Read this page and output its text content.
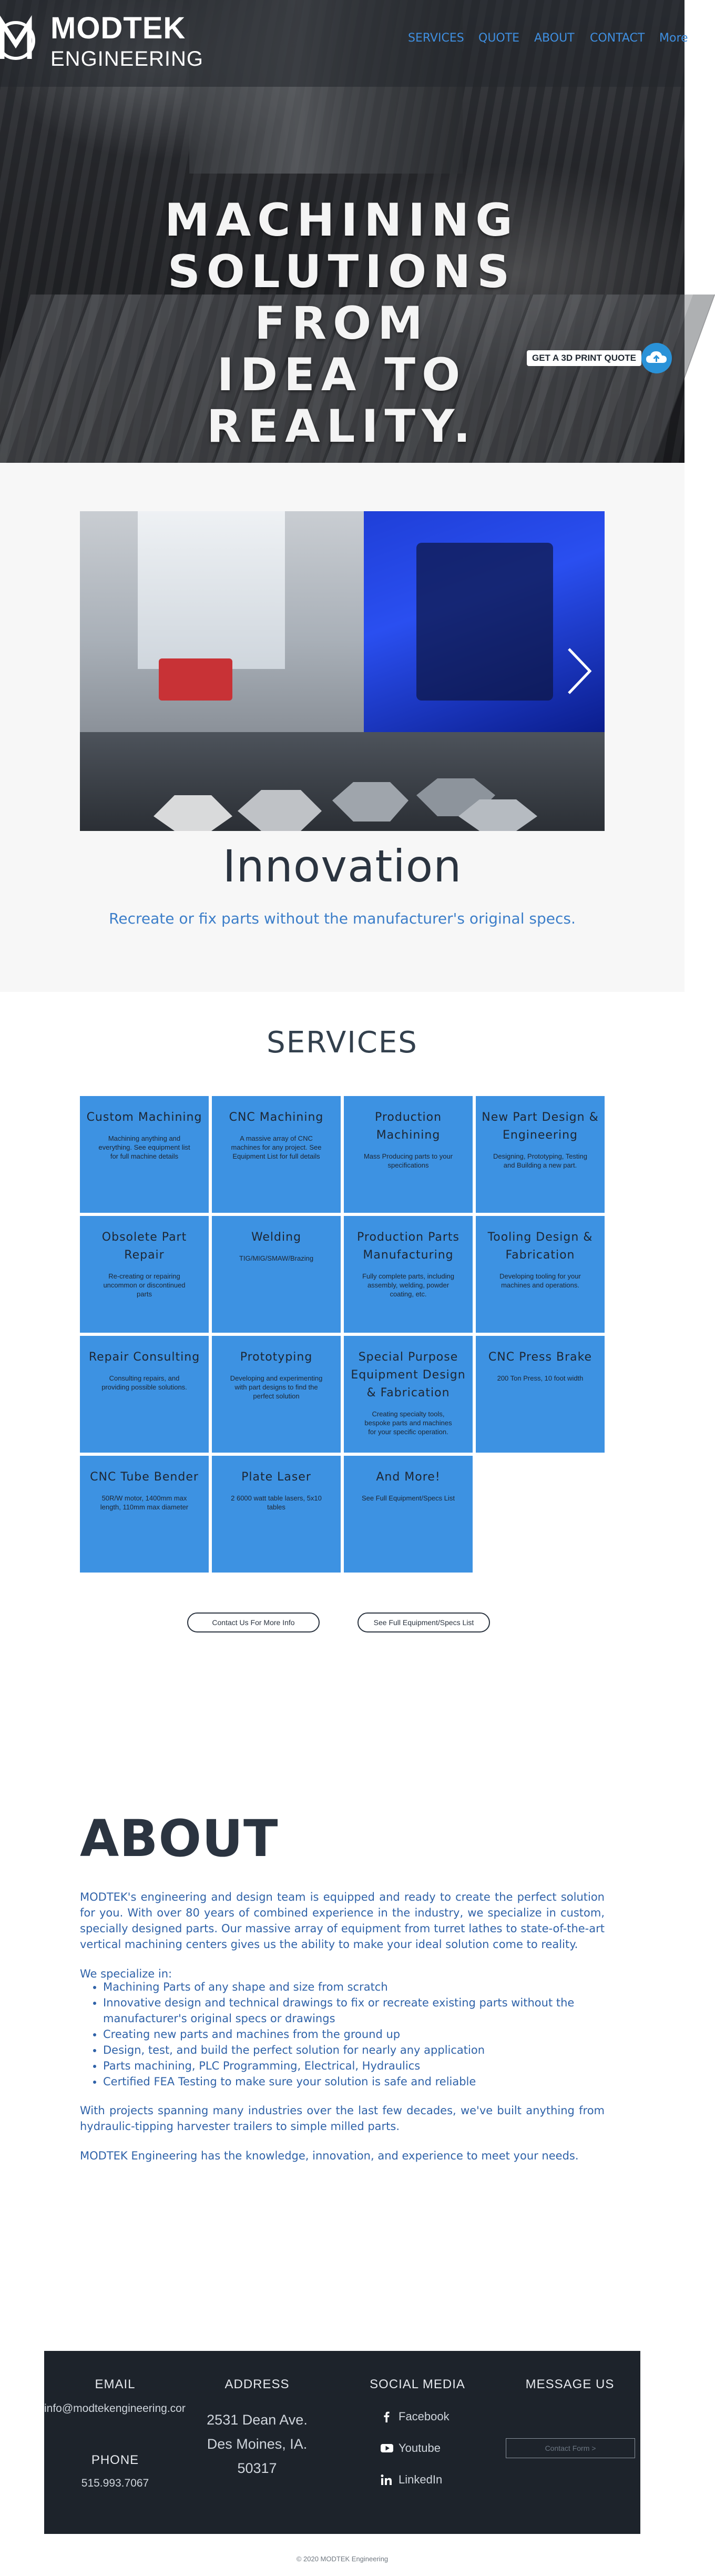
MODTEK
ENGINEERING
SERVICES QUOTE ABOUT CONTACT More
MACHINING
SOLUTIONS FROM
IDEA TO REALITY.
GET A 3D PRINT QUOTE
Innovation
Recreate or fix parts without the manufacturer's original specs.
SERVICES
Custom Machining
Machining anything and everything. See equipment list for full machine details
CNC Machining
A massive array of CNC machines for any project. See Equipment List for full details
Production Machining
Mass Producing parts to your specifications
New Part Design & Engineering
Designing, Prototyping, Testing and Building a new part.
Obsolete Part Repair
Re-creating or repairing uncommon or discontinued parts
Welding
TIG/MIG/SMAW/Brazing
Production Parts Manufacturing
Fully complete parts, including assembly, welding, powder coating, etc.
Tooling Design & Fabrication
Developing tooling for your machines and operations.
Repair Consulting
Consulting repairs, and providing possible solutions.
Prototyping
Developing and experimenting with part designs to find the perfect solution
Special Purpose Equipment Design & Fabrication
Creating specialty tools, bespoke parts and machines for your specific operation.
CNC Press Brake
200 Ton Press, 10 foot width
CNC Tube Bender
50R/W motor, 1400mm max length, 110mm max diameter
Plate Laser
2 6000 watt table lasers, 5x10 tables
And More!
See Full Equipment/Specs List
Contact Us For More Info	See Full Equipment/Specs List
ABOUT

MODTEK's engineering and design team is equipped and ready to create the perfect solution for you. With over 80 years of combined experience in the industry, we specialize in custom, specially designed parts. Our massive array of equipment from turret lathes to state-of-the-art vertical machining centers gives us the ability to make your ideal solution come to reality.

We specialize in:

• Machining Parts of any shape and size from scratch
• Innovative design and technical drawings to fix or recreate existing parts without the manufacturer's original specs or drawings
• Creating new parts and machines from the ground up
• Design, test, and build the perfect solution for nearly any application
• Parts machining, PLC Programming, Electrical, Hydraulics
• Certified FEA Testing to make sure your solution is safe and reliable

With projects spanning many industries over the last few decades, we've built anything from hydraulic-tipping harvester trailers to simple milled parts.

MODTEK Engineering has the knowledge, innovation, and experience to meet your needs.

EMAIL
info@modtekengineering.cor
PHONE
515.993.7067
ADDRESS
2531 Dean Ave.
Des Moines, IA.
50317
SOCIAL MEDIA
Facebook
Youtube
LinkedIn
MESSAGE US
Contact Form >
© 2020 MODTEK Engineering
